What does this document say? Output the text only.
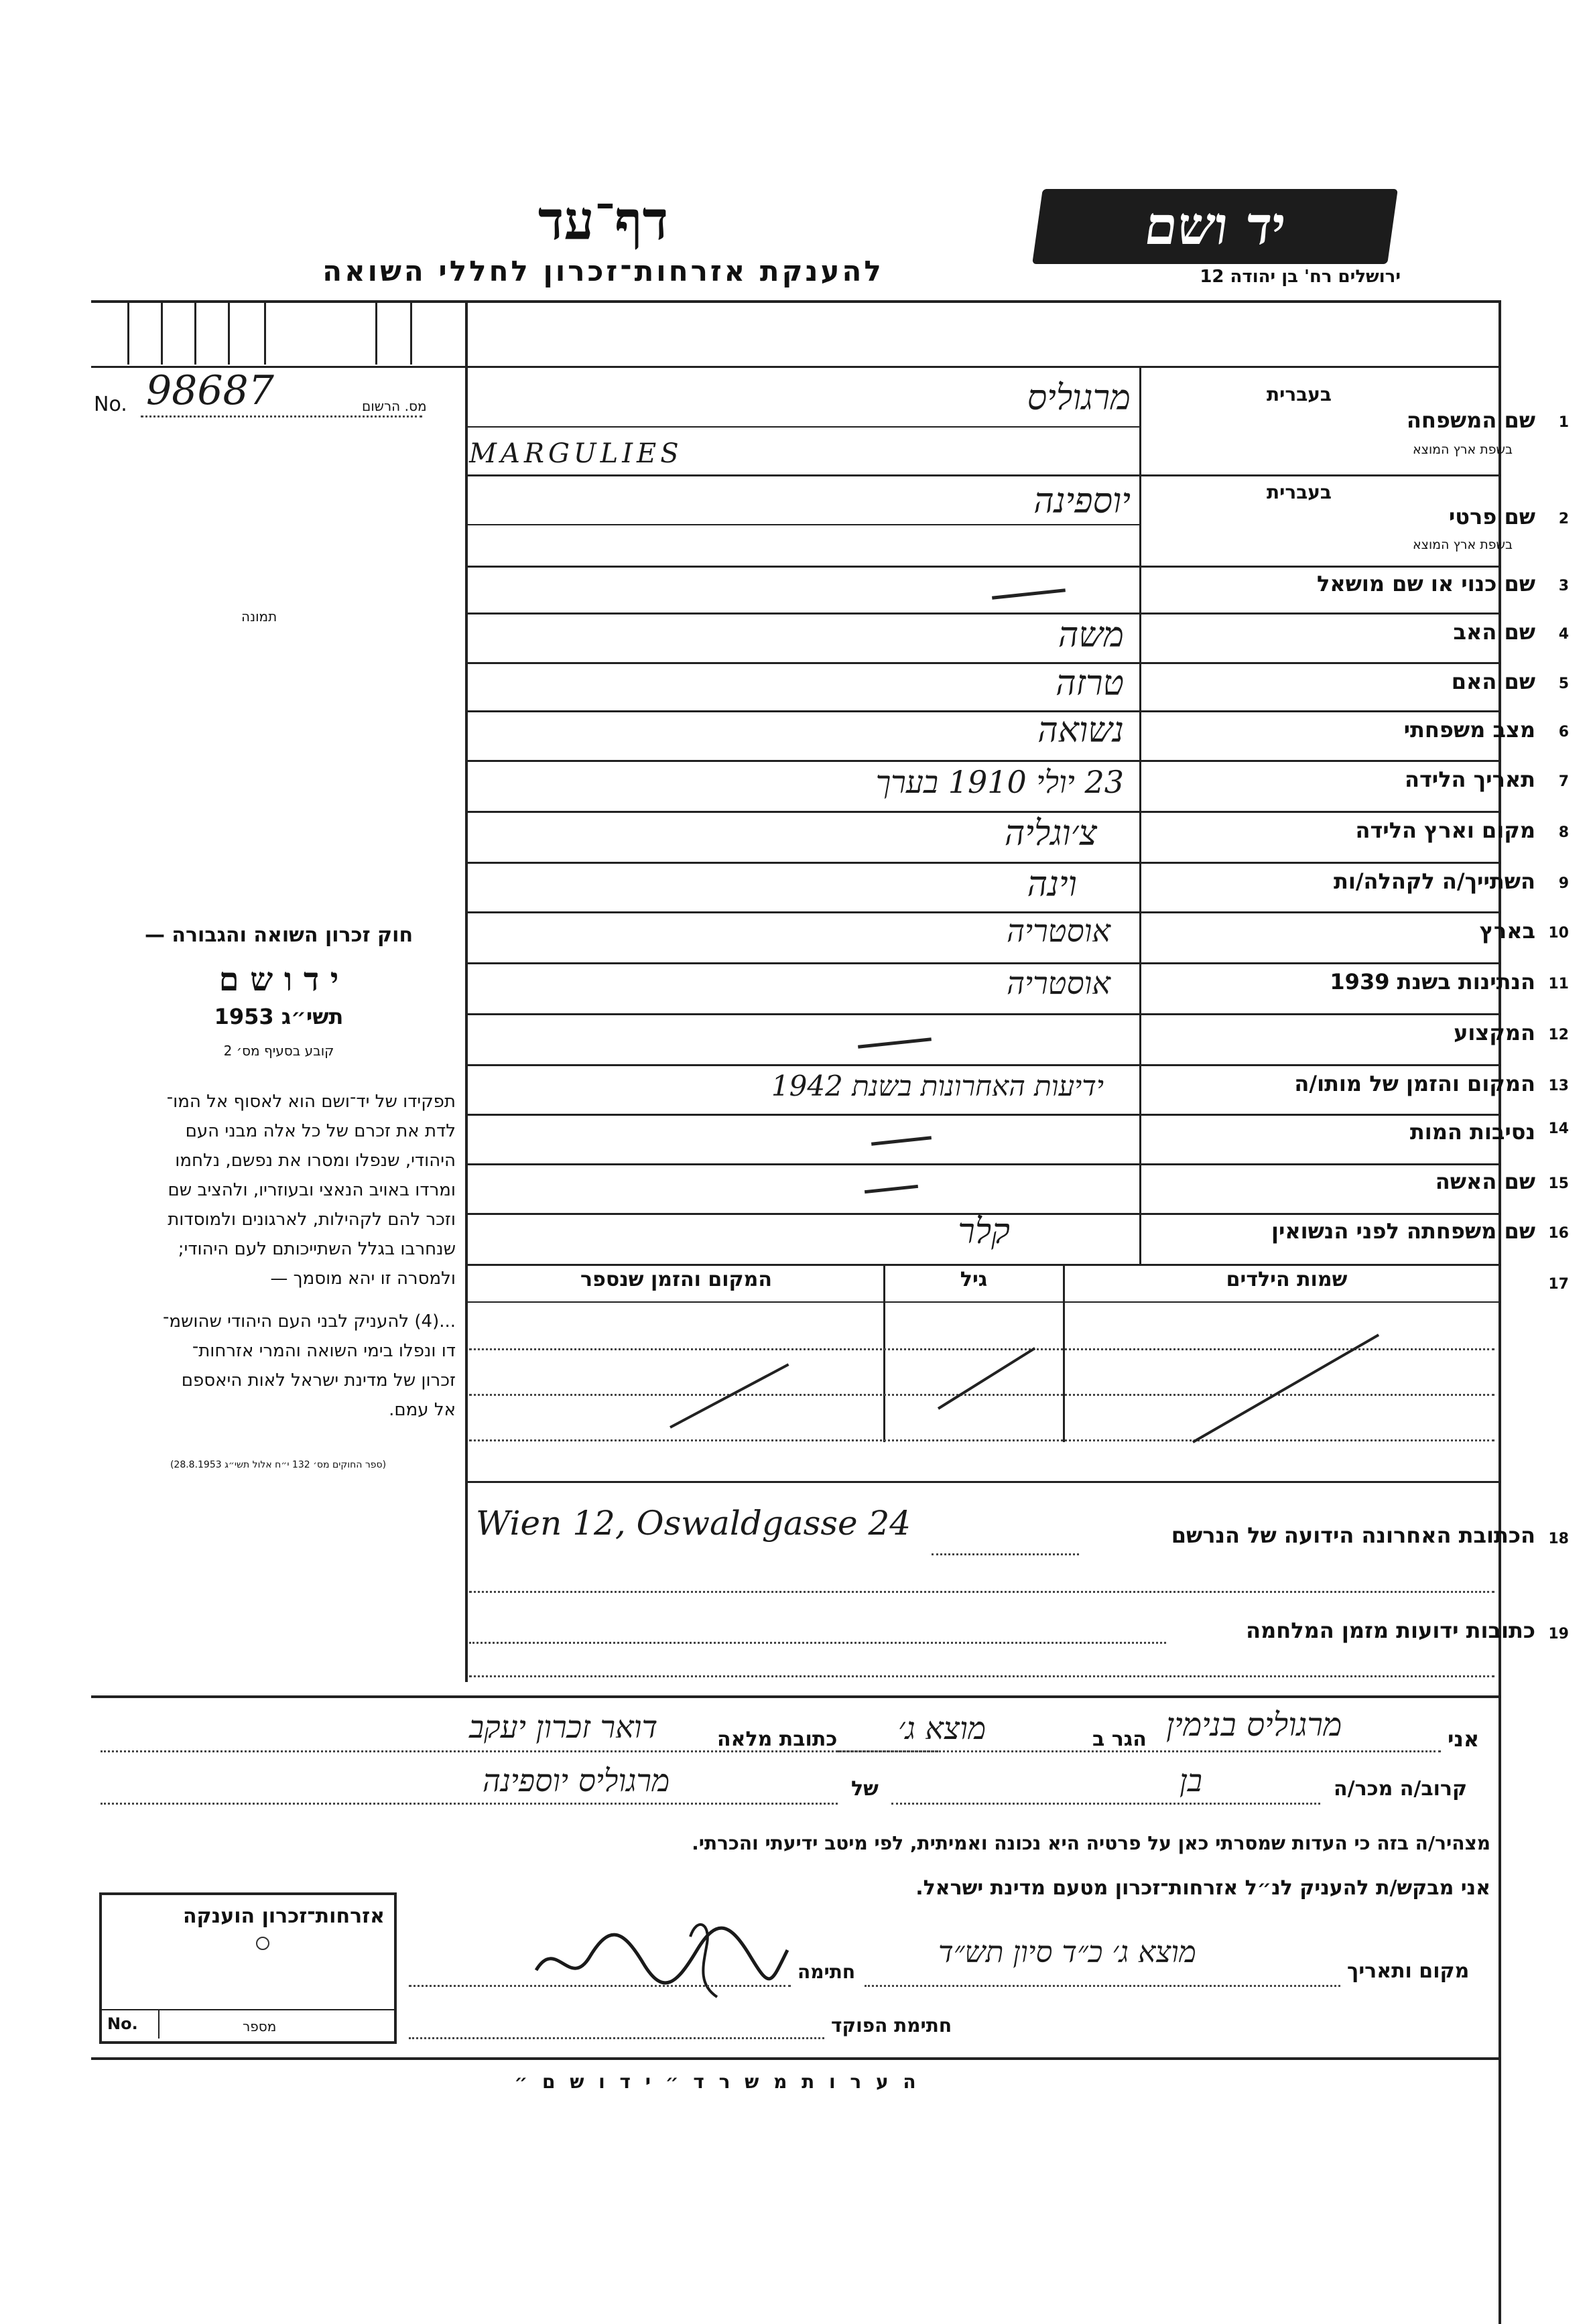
יד ושם
ירושלים רח' בן יהודה 12
דף־עד
להענקת אזרחות־זכרון לחללי השואה
No. 98687	מס. הרשום
תמונה
בעברית
שם המשפחה 1
בשפת ארץ המוצא
מרגוליס
MARGULIES
בעברית
שם פרטי 2
בשפת ארץ המוצא
יוספינה
שם כנוי או שם מושאל 3
שם האב 4
משה
שם האם 5
טרזה
מצב משפחתי 6
נשואה
תאריך הלידה 7
23 יולי 1910 בערך
מקום וארץ הלידה 8
צ׳וגליה
השתייך/ה לקהלה/ות 9
וינה
בארץ 10
אוסטריה
הנתינות בשנת 1939 11
אוסטריה
המקצוע 12
המקום והזמן של מותו/ה 13
ידיעות האחרונות בשנת 1942
נסיבות המות 14
שם האשה 15
שם משפחתה לפני הנשואין 16
קלר
17
שמות הילדים
גיל
המקום והזמן שנספר
18
הכתובת האחרונה הידועה של הנרשם
Wien 12, Oswaldgasse 24
19
כתובות ידועות מזמן המלחמה
חוק זכרון השואה והגבורה —
י ד ו ש ם
תשי״ג 1953
קובע בסעיף מס׳ 2
תפקידו של יד־ושם הוא לאסוף אל המו־
לדת את זכרם של כל אלה מבני העם
היהודי, שנפלו ומסרו את נפשם, נלחמו
ומרדו באויב הנאצי ובעוזריו, ולהציב שם
וזכר להם לקהילות, לארגונים ולמוסדות
שנחרבו בגלל השתייכותם לעם היהודי;
ולמסרה זו יהא מוסמך —
...(4) להעניק לבני העם היהודי שהושמ־
דו ונפלו בימי השואה והמרי אזרחות־
זכרון של מדינת ישראל לאות היאספם
אל עמם.
(ספר החוקים מס׳ 132 י״ח אלול תשי״ג 28.8.1953)
אני
מרגוליס בנימין
הגר ב
מוצא ג׳
כתובת מלאה
דואר זכרון יעקב
קרוב/ה מכר/ה
בן
של
מרגוליס יוספינה
מצהיר/ה בזה כי העדות שמסרתי כאן על פרטיה היא נכונה ואמיתית, לפי מיטב ידיעתי והכרתי.
אני מבקש/ת להעניק לנ״ל אזרחות־זכרון מטעם מדינת ישראל.
מקום ותאריך
מוצא ג׳ כ״ד סיון תש״ד
חתימה
חתימת הפוקד
אזרחות־זכרון הוענקה
No.	מספר
ה ע ר ו ת מ ש ר ד ״ י ד ו ש ם ״
